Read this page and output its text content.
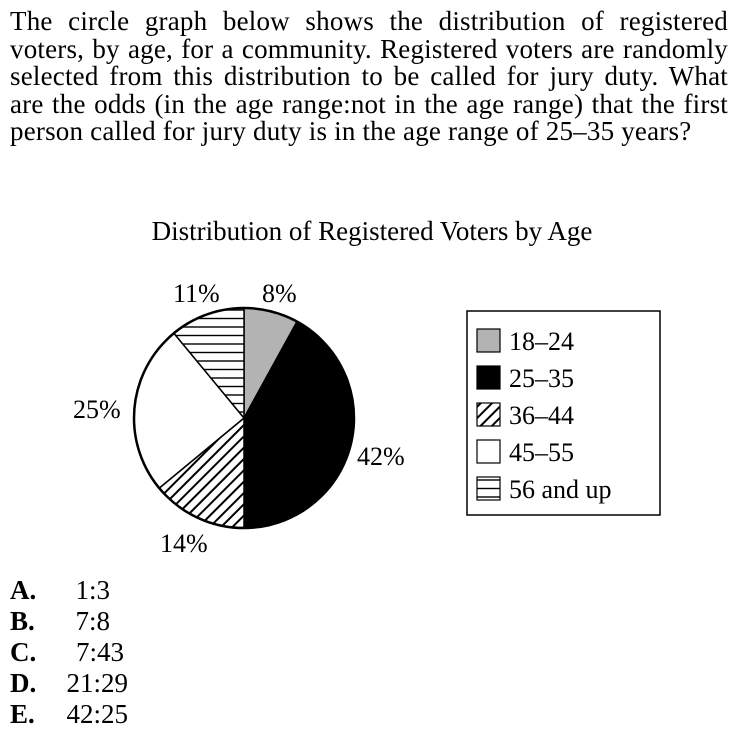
The circle graph below shows the distribution of registered voters, by age, for a community. Registered voters are randomly selected from this distribution to be called for jury duty. What are the odds (in the age range:not in the age range) that the first person called for jury duty is in the age range of 25–35 years?
Distribution of Registered Voters by Age
8%
42%
14%
25%
11%
18–24
25–35
36–44
45–55
56 and up
A.	1:3
B.	7:8
C.	7:43
D.	21:29
E.	42:25
